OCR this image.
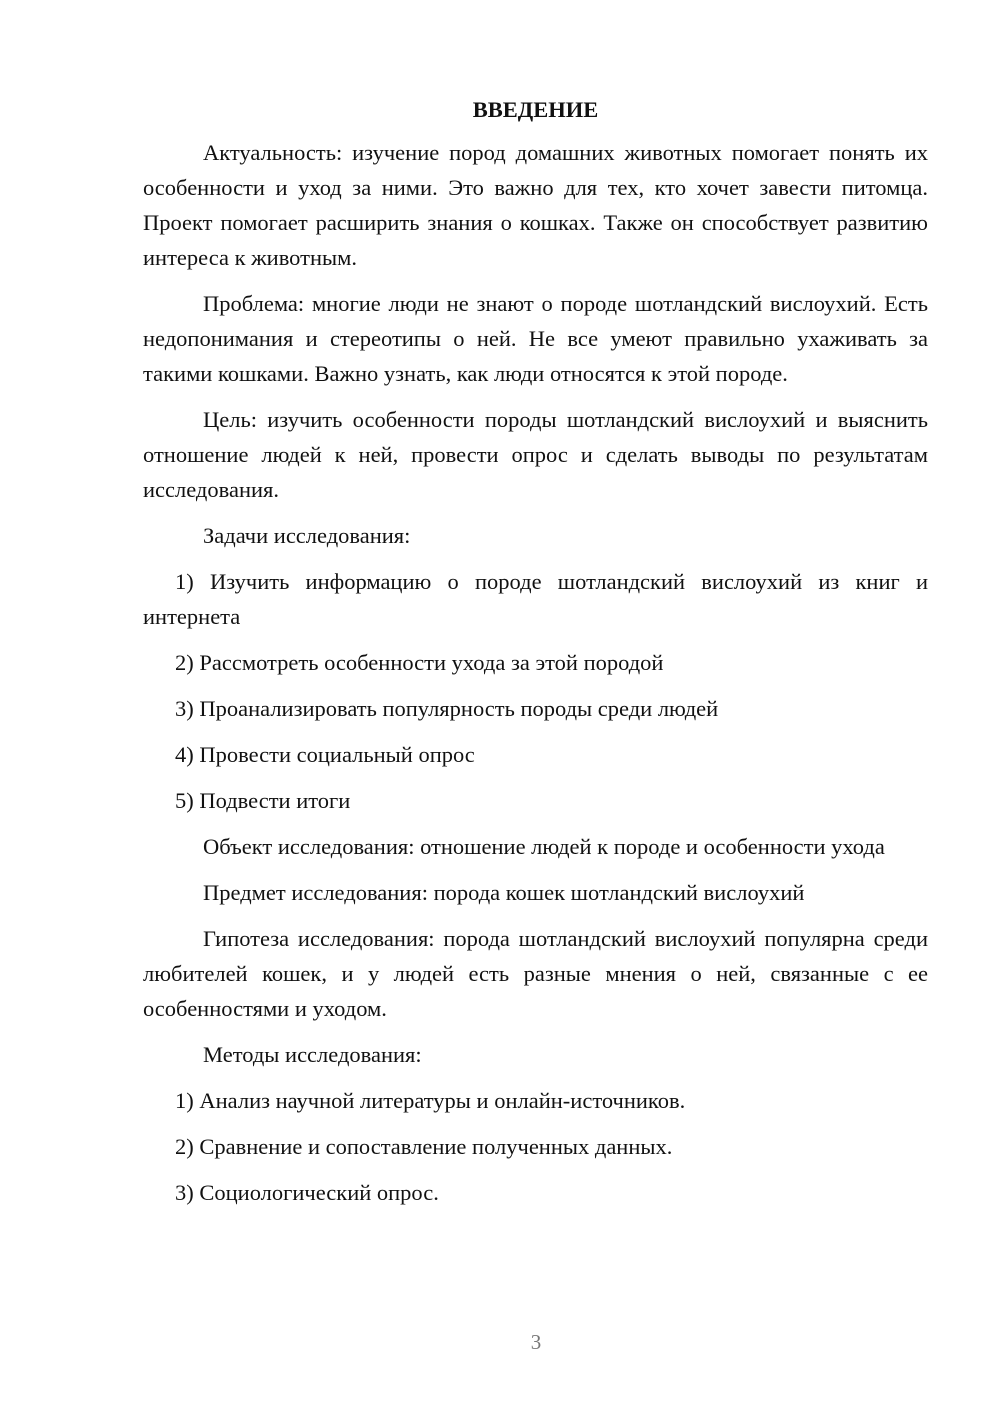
ВВЕДЕНИЕ
Актуальность: изучение пород домашних животных помогает понять их особенности и уход за ними. Это важно для тех, кто хочет завести питомца. Проект помогает расширить знания о кошках. Также он способствует развитию интереса к животным.
Проблема: многие люди не знают о породе шотландский вислоухий. Есть недопонимания и стереотипы о ней. Не все умеют правильно ухаживать за такими кошками. Важно узнать, как люди относятся к этой породе.
Цель: изучить особенности породы шотландский вислоухий и выяснить отношение людей к ней, провести опрос и сделать выводы по результатам исследования.
Задачи исследования:
1) Изучить информацию о породе шотландский вислоухий из книг и интернета
2) Рассмотреть особенности ухода за этой породой
3) Проанализировать популярность породы среди людей
4) Провести социальный опрос
5) Подвести итоги
Объект исследования: отношение людей к породе и особенности ухода
Предмет исследования: порода кошек шотландский вислоухий
Гипотеза исследования: порода шотландский вислоухий популярна среди любителей кошек, и у людей есть разные мнения о ней, связанные с ее особенностями и уходом.
Методы исследования:
1) Анализ научной литературы и онлайн-источников.
2) Сравнение и сопоставление полученных данных.
3) Социологический опрос.
3
